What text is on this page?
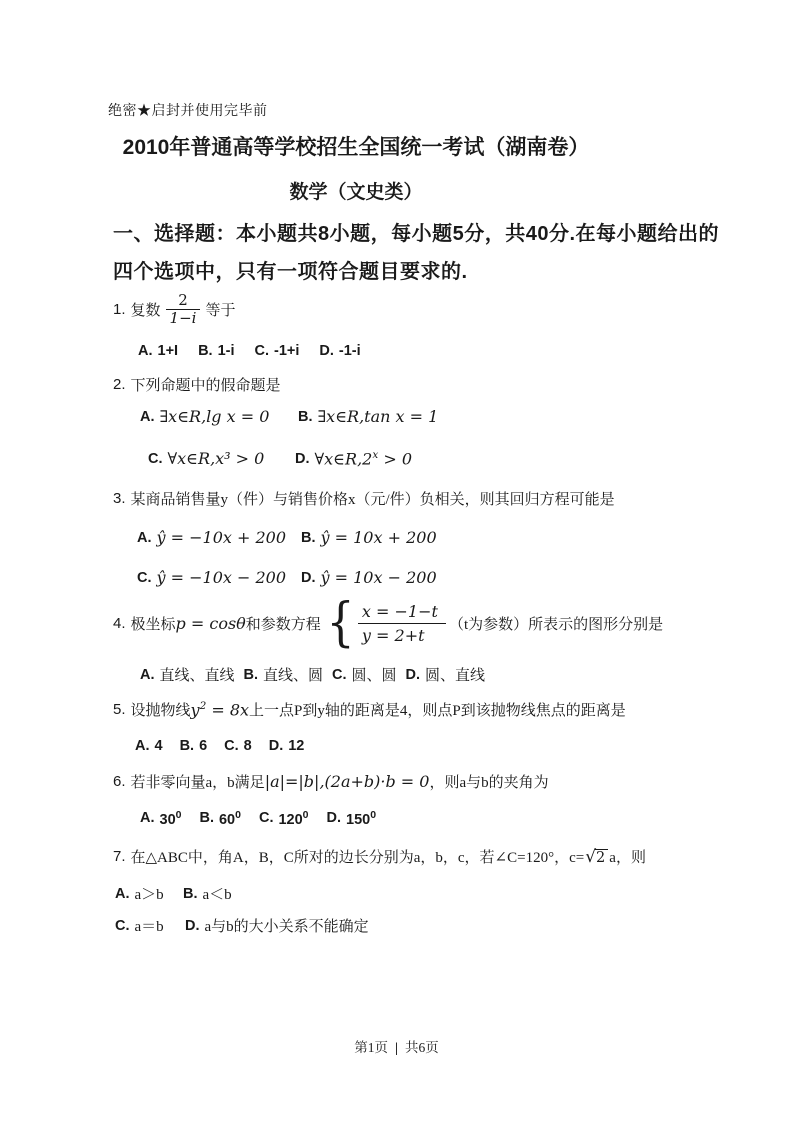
绝密★启封并使用完毕前
2010年普通高等学校招生全国统一考试（湖南卷）
数学（文史类）
一、选择题：本小题共8小题，每小题5分，共40分.在每小题给出的
四个选项中，只有一项符合题目要求的.
1. 复数 $\frac{2}{1-i}$ 等于
A. 1+I B. 1-i C. -1+i D. -1-i
2. 下列命题中的假命题是
A. ∃x∈R,lg x = 0 B. ∃x∈R,tan x = 1
C. ∀x∈R,x³ > 0 D. $\forall x\in R,2^x > 0$
3. 某商品销售量y（件）与销售价格x（元/件）负相关，则其回归方程可能是
A. ŷ = −10x + 200 B. ŷ = 10x + 200
C. ŷ = −10x − 200 D. ŷ = 10x − 200
4. 极坐标 p = cosθ 和参数方程 { x = −1−t
y = 2+t
（t为参数）所表示的图形分别是
A. 直线、直线 B. 直线、圆 C. 圆、圆 D. 圆、直线
5. 设抛物线 $y^2 = 8x$ 上一点P到y轴的距离是4，则点P到该抛物线焦点的距离是
A. 4 B. 6 C. 8 D. 12
6. 若非零向量a，b满足 |a|=|b|,(2a+b)·b = 0 ，则a与b的夹角为
A. $30^0$ B. $60^0$ C. $120^0$ D. $150^0$
7. 在△ABC中，角A，B，C所对的边长分别为a，b，c，若∠C=120°，c= √ 2 a，则
A. a＞b B. a＜b
C. a＝b D. a与b的大小关系不能确定
第1页 | 共6页
